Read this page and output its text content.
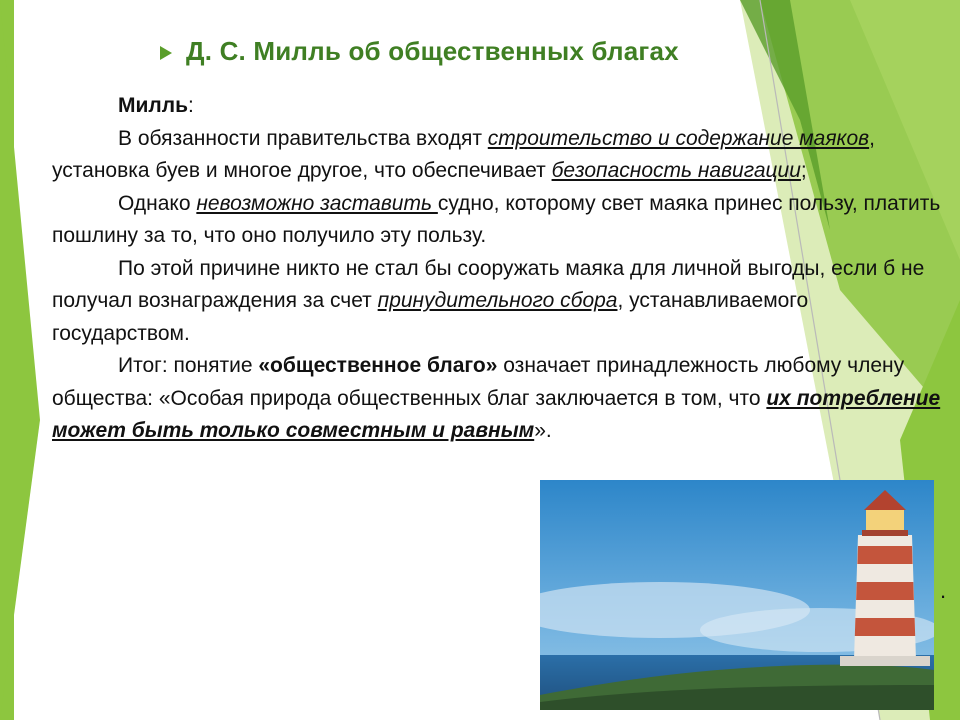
Д. С. Милль об общественных благах

Милль:

В обязанности правительства входят строительство и содержание маяков, установка буев и многое другое, что обеспечивает безопасность навигации;

Однако невозможно заставить судно, которому свет маяка принес пользу, платить пошлину за то, что оно получило эту пользу.

По этой причине никто не стал бы сооружать маяка для личной выгоды, если б не получал вознаграждения за счет принудительного сбора, устанавливаемого государством.

Итог: понятие «общественное благо» означает принадлежность любому члену общества: «Особая природа общественных благ заключается в том, что их потребление может быть только совместным и равным».

.
